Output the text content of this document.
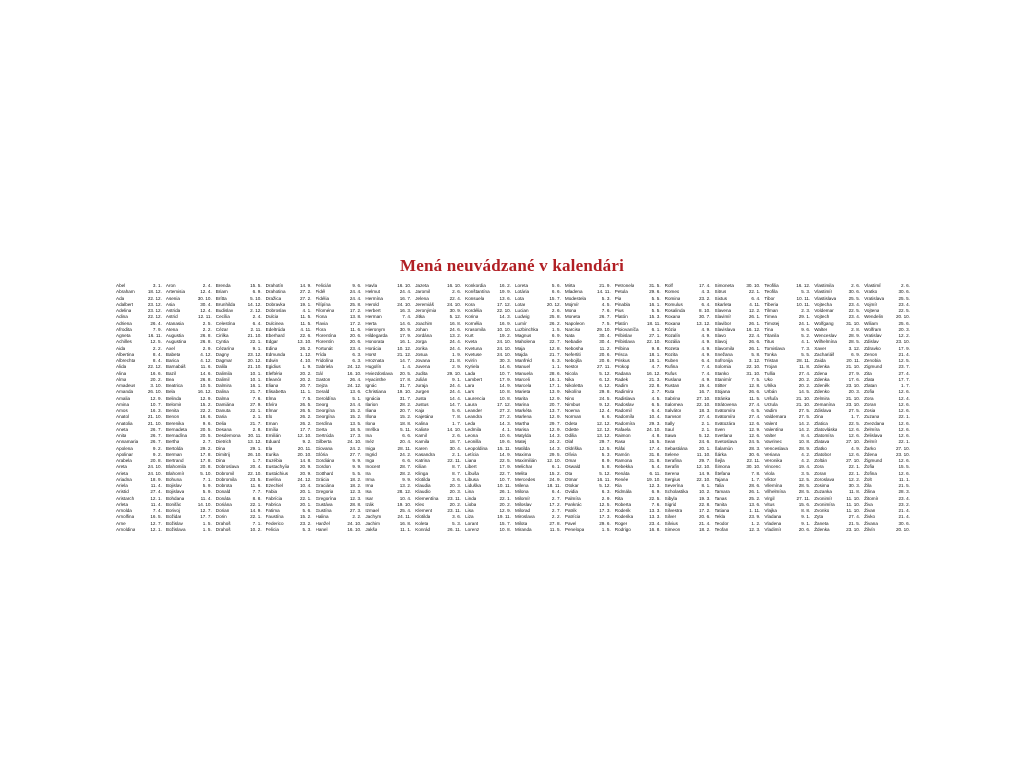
Mená neuvádzané v kalendári
Abel	3. 1.
Abraham	18. 12.
Ada	22. 12.
Adalbert	23. 12.
Adelina	23. 12.
Adina	22. 12.
Adriena	26. 4.
Afrodita	7. 9.
Agneta	16. 11.
Achilles	12. 5.
Aida	2. 2.
Albertina	8. 4.
Albrechta	8. 4.
Alida	22. 12.
Alina	16. 6.
Alma	20. 2.
Amadeus	3. 10.
Amanda	26. 10.
Amalia	12. 9.
Amina	10. 7.
Amos	16. 3.
Anatol	21. 10.
Anatolia	21. 10.
Aneta	26. 7.
Anita	26. 7.
Annamaria	26. 7.
Apolena	9. 2.
Apolinar	9. 2.
Arabela	20. 8.
Areta	24. 10.
Arieta	24. 10.
Ariadna	18. 9.
Ariela	11. 4.
Aristid	27. 4.
Aristarch	12. 1.
Arleta	11. 4.
Arnolda	7. 4.
Arnolfina	16. 5.
Arne	12. 7.
Arnoldina	12. 1.
Aron	2. 4.
Artemisia	12. 4.
Asenia	30. 10.
Asia	30. 4.
Astrida	12. 4.
Astrid	12. 11.
Atanasia	2. 5.
Atena	2. 2.
Augustia	26. 8.
Augustina	26. 8.
Axel	2. 9.
Babeta	4. 12.
Barica	4. 12.
Barnabáš	11. 6.
Bazil	14. 6.
Bea	26. 8.
Beatrica	10. 5.
Bela	16. 12.
Belinda	12. 9.
Belomir	15. 2.
Benita	22. 2.
Benon	16. 6.
Berenika	9. 6.
Bernadeta	20. 5.
Bernadína	20. 5.
Bertha	2. 7.
Bertolda	29. 2.
Berman	17. 8.
Bertrand	17. 8.
Blahomila	20. 8.
Blahomír	5. 10.
Bohuna	7. 1.
Bojislav	5. 9.
Bojislava	5. 9.
Bohdana	11. 4.
Bonifác	14. 10.
Borivoj	12. 7.
Božidar	17. 7.
Božislav	1. 5.
Božislava	1. 5.
Brenda	15. 5.
Briam	6. 9.
Brítta	5. 10.
Brunhilda	14. 12.
Budislav	2. 12.
Cecília	2. 4.
Celestína	6. 4.
Cézar	2. 11.
Cirilka	21. 10.
Cyntia	22. 1.
Cézarína	9. 1.
Dagny	23. 12.
Dagmar	20. 12.
Dalila	21. 10.
Dalimila	10. 1.
Dalimil	10. 1.
Dalmira	16. 1.
Dalina	21. 7.
Dalma	7. 6.
Damiána	27. 9.
Danuta	22. 1.
Daria	2. 1.
Delia	21. 7.
Desana	2. 8.
Desdemona 30. 11.
Dietrich	13. 12.
Dina	29. 1.
Dimitrij	26. 10.
Dina	1. 7.
Dobroslava 20. 4.
Dobromil	22. 10.
Dobromila	23. 5.
Dobrota	11. 6.
Donald	7. 7.
Donáta	8. 8.
Doriána	22. 1.
Dorian	14. 9.
Dorin	22. 1.
Drahoš	7. 1.
Drahoš	10. 2.
Drahotín	14. 9.
Drahotina	27. 2.
Dražica	27. 2.
Dobravka	19. 1.
Dobroslav	4. 1.
Dulcia	11. 5.
Dulcinea	11. 5.
Edeltrúda	4. 11.
Eberhard	22. 6.
Edgar	13. 10.
Edina	26. 2.
Edmunda	1. 12.
Edwin	4. 10.
Egidius	1. 9.
Eleftéria	20. 2.
Eleanór	20. 2.
Eliana	20. 7.
Elisabetta	11. 1.
Elma	7. 5.
Elvíra	26. 5.
Elmar	26. 5.
Elo	26. 2.
Eman	26. 2.
Emília	17. 7.
Emilián	12. 10.
Eduard	9. 2.
Ela	20. 11.
Eurika	20. 10.
Euzébia	14. 8.
Eustachyíia 20. 9.
Eustáchius	20. 9.
Evelína	24. 12.
Ezechiel	10. 4.
Fabia	20. 1.
Fabrícia	22. 1.
Fabrica	20. 1.
Fatima	5. 6.
Faustína	15. 2.
Federico	23. 2.
Felicia	5. 3.
Felicián	9. 6.
Fidél	24. 4.
Fidélia	24. 4.
Filípína	25. 8.
Filoména	17. 2.
Fiona	13. 8.
Flavia	17. 2.
Flora	11. 6.
Florentína	20. 6.
Florentín	20. 6.
Fortunát	23. 4.
Frída	6. 3.
Fridolína	6. 3.
Gabriela	24. 12.
Gál	16. 10.
Gaston	26. 4.
Gejza	24. 12.
Gerald	13. 6.
Geroldína	5. 1.
Georg	24. 4.
Georgína	15. 2.
Georgína	15. 2.
Gerdína	13. 5.
Gerta	18. 5.
Gertrúda	17. 3.
Gilberta	24. 10.
Giovana	24. 2.
Glória	27. 7.
Gordiána	9. 9.
Gordon	9. 9.
Gotthard	5. 5.
Grácia	18. 2.
Graciána	18. 2.
Gregoria	12. 3.
Gregorína	12. 3.
Gustáva	28. 8.
Gustína	27. 3.
Halina	2. 2.
Hanžel	24. 10.
Hanel	16. 10.
Havla	16. 10.
Helmut	24. 4.
Hermína	16. 7.
Herold	24. 10.
Herbert	16. 3.
Herman	7. 4.
Herta	14. 6.
Hieronym	30. 9.
Hildegarda	17. 9.
Honorata	16. 1.
Horácia	10. 12.
Horst	21. 12.
Hroznata	14. 7.
Hugolín	1. 4.
Hviezdoslava 20. 5.
Hyacinthe	17. 8.
Ignác	31. 7.
Christiana 19. 10.
Ignácia	31. 7.
Ilarion	28. 2.
Iliana	20. 7.
Illona	15. 2.
Ilona	18. 8.
Imrška	5. 11.
Ina	6. 6.
Inéz	20. 4.
Iniga	28. 11.
Ingrid	24. 2.
Inga	6. 6.
Inocent	28. 7.
Ira	28. 2.
Irma	9. 9.
Irna	13. 2.
Isa	28. 12.
Isar	10. 4.
Izák	19. 10.
Izmael	25. 4.
Jachym	24. 11.
Jachim	16. 8.
Jakša	11. 1.
Jazeta	16. 10.
Jaromil	2. 6.
Jelena	22. 4.
Jeremiáš	24. 10.
Jeronýmia	30. 9.
Jitka	5. 12.
Joachim	16. 8.
Johan	24. 6.
Jordána	13. 2.
Jorga	24. 4.
Jorika	24. 4.
Josua	1. 9.
Jovana	21. 8.
Juvena	2. 9.
Judita	29. 10.
Julián	9. 1.
Juraja	24. 4.
Jurgen	24. 4.
Justa	14. 4.
Justus	14. 7.
Kaja	5. 6.
Kajetána	7. 8.
Kalina	1. 7.
Kalixte	14. 10.
Kamil	2. 6.
Kamila	18. 7.
Karen	30. 4.
Kasandra	2. 1.
Katrina	22. 11.
Kilian	8. 7.
Klinga	8. 7.
Klotilda	3. 6.
Klaudia	20. 3.
Klaudio	20. 3.
Klementína 23. 11.
Kleo	20. 2.
Klement	23. 11.
Klotilda	3. 6.
Koleta	5. 3.
Konrád	26. 11.
Konkordia	16. 2.
Konštantína 19. 9.
Konsuela	13. 6.
Kora	17. 12.
Kordélia	22. 10.
Korina	14. 3.
Kornélia	16. 9.
Krasomila 10. 10.
Kurt	19. 2.
Kveta	24. 10.
Kvetuna	24. 10.
Kvetuse	24. 10.
Kvirín	30. 3.
Kyriela	14. 6.
Lada	10. 7.
Lambert	17. 9.
Lara	14. 9.
Lars	10. 8.
Laurencia	10. 8.
Laura	17. 12.
Leander	27. 2.
Leandra	27. 2.
Leda	14. 3.
Ledmila	4. 1.
Leona	10. 6.
Leonilla	19. 6.
Leopoldina 15. 11.
Letícia	14. 9.
Liana	22. 5.
Libert	17. 9.
Líbuša	22. 7.
Libusa	10. 7.
Liduška	10. 11.
Lina	26. 1.
Linda	22. 1.
Lioba	20. 2.
Lisa	12. 9.
Liza	19. 11.
Lorant	15. 7.
Lorenz	10. 8.
Loreta	5. 6.
Lotária	6. 6.
Lota	15. 7.
Lotar	20. 12.
Lucian	2. 6.
Ludwig	25. 8.
Lumír	26. 2.
Luzbinchka	1. 5.
Magnus	6. 9.
Maholena	22. 7.
Maja	12. 8.
Majda	21. 7.
Manfréd	6. 3.
Manuel	1. 1.
Manuela	28. 6.
Marceli	16. 1.
Marcela	17. 1.
Marieta	13. 9.
Marita	12. 9.
Marina	20. 7.
Markéta	13. 7.
Marlena	12. 9.
Martha	29. 7.
Marisa	12. 9.
Matylda	14. 3.
Matej	24. 2.
Matilda	14. 3.
Maxima	29. 5.
Maximilián 12. 10.
Melichar	6. 1.
Melita	15. 2.
Mercedes	24. 9.
Milena	18. 11.
Milona	6. 4.
Milomír	2. 7.
Miloslav	17. 2.
Milorad	2. 7.
Miroslava	2. 2.
Milota	27. 8.
Miranda	11. 5.
Mirta	21. 9.
Mladena	14. 11.
Modestela	5. 3.
Mojmír	4. 5.
Mona	7. 6.
Moneta	26. 7.
Napoleon	7. 5.
Narcisa	29. 10.
Nata	30. 4.
Nebadie	30. 4.
Nebosha	11. 2.
Nefertiti	20. 6.
Nebojša	20. 6.
Nestor	27. 11.
Nicola	5. 12.
Nika	6. 12.
Nikoletta	6. 12.
Nikolína	29. 8.
Nino	24. 5.
Nimbus	9. 12.
Noema	12. 4.
Norman	6. 6.
Odeta	12. 12.
Odette	12. 12.
Odilia	13. 12.
Olaf	29. 7.
Oldriška	12. 5.
Olívia	5. 3.
Omar	8. 9.
Oswald	5. 8.
Ota	5. 12.
Otmar	16. 11.
Otokar	5. 12.
Ovidia	6. 3.
Palmíra	2. 9.
Pankrác	12. 5.
Patrik	17. 3.
Patrícia	17. 3.
Pavel	29. 6.
Penelopa	1. 5.
Petronela	31. 5.
Petula	29. 6.
Pia	5. 5.
Pinabla	16. 1.
Pius	5. 5.
Platón	15. 3.
Platón	18. 11.
Ploiovaníča	6. 1.
Pribislav	27. 1.
Pribislava	22. 10.
Pribina	9. 8.
Prisca	18. 1.
Priskus	18. 1.
Prokop	4. 7.
Radana	16. 12.
Radek	21. 3.
Radim	22. 8.
Radimíra	2. 7.
Radislava	4. 5.
Radoslav	6. 5.
Radomil	6. 4.
Radomíla	10. 4.
Radomíra	29. 3.
Rafaela	24. 10.
Raimon	4. 8.
Rasa	16. 5.
Ráfal	17. 4.
Ramón	31. 8.
Ramona	31. 8.
Rebekka	5. 4.
Renáta	6. 11.
Renée	19. 10.
Ria	12. 3.
Ridmála	6. 9.
Rita	22. 5.
Roberta	7. 6.
Roderik	13. 3.
Roderika	13. 3.
Roger	23. 4.
Rodrigo	16. 8.
Rolf	17. 4.
Romeo	4. 3.
Romina	23. 2.
Romulus	6. 4.
Rosalinda	8. 10.
Roxana	30. 7.
Roxana	13. 12.
Rózia	4. 9.
Rozalín	4. 9.
Rozália	4. 9.
Rozeta	4. 9.
Rozita	4. 9.
Ruben	6. 4.
Rufina	7. 4.
Rufus	7. 4.
Ruslana	4. 9.
Rustan	19. 4.
Ruta	16. 7.
Sabrina	27. 10.
Salomea	22. 10.
Salvátor	18. 3.
Samson	27. 4.
Sally	2. 1.
Saul	2. 1.
Sawa	5. 12.
Sean	24. 6.
Sebastiána 20. 1.
Selene	11. 10.
Serafina	29. 7.
Serafin	12. 10.
Serena	14. 9.
Sergius	22. 10.
Severína	8. 1.
Scholastika 10. 2.
Sibyla	19. 3.
Sigrid	22. 8.
Silvestra	17. 2.
Silver	20. 6.
Silvius	21. 4.
Simeon	18. 2.
Simoneta	30. 10.
Sitrus	22. 1.
Sixtus	6. 4.
Skarleta	4. 11.
Slavena	12. 2.
Slavimír	26. 1.
Slavibor	26. 1.
Slavislava 16. 12.
Slavo	22. 4.
Slavoj	26. 6.
Slavomila	26. 1.
Snežana	5. 8.
Sofronija	3. 12.
Solomia	22. 10.
Stanko	31. 10.
Stanimír	7. 5.
Stitter	12. 8.
Stojana	26. 6.
Stránka	11. 5.
Strátovena	27. 4.
Svätomíra	6. 5.
Svätomíra	27. 4.
Svätozára	12. 6.
Sven	12. 9.
Svetlana	12. 6.
Svetoslava	24. 5.
Šalamún	28. 3.
Šárka	30. 6.
Šejla	22. 11.
Šimona	30. 10.
Štefana	7. 8.
Tajana	1. 7.
Talia	28. 6.
Tamara	26. 1.
Tanas	25. 2.
Tanita	13. 6.
Tatiana	1. 11.
Tekla	23. 9.
Teodor	1. 2.
Teofan	12. 3.
Teofilia	16. 12.
Teofila	5. 3.
Tibor	10. 11.
Tiberia	10. 11.
Tilman	2. 3.
Timea	29. 1.
Timotej	24. 1.
Tina	9. 6.
Titanila	5. 2.
Titus	4. 1.
Tomislava	7. 3.
Tonka	5. 5.
Tristan	28. 11.
Trojan	11. 8.
Tullia	27. 4.
Uko	20. 2.
Ulrika	20. 2.
Urbán	14. 5.
Uršuľa	21. 10.
Urzula	21. 10.
Vadim	27. 5.
Valdemara	27. 5.
Valent	14. 2.
Valentína	14. 2.
Valter	8. 4.
Vavrinec	10. 8.
Venceslava 28. 9.
Veriana	4. 2.
Veronika	4. 2.
Vincenc	19. 4.
Viola	3. 5.
Viktor	12. 5.
Vilemína	28. 5.
Vilhelmína	28. 5.
Virgil	27. 11.
Vitus	15. 6.
Vlajka	8. 8.
Vladana	9. 1.
Vladena	9. 1.
Vladimír	20. 6.
Vlastimila	2. 6.
Vlastimír	30. 6.
Vlastislava	25. 5.
Vojtecha	23. 4.
Voldemar	22. 5.
Vojtech	23. 4.
Wolfgang	31. 10.
Walter	2. 8.
Wenceslav	28. 9.
Wilhelmína	28. 5.
Xaver	3. 12.
Zachariáš	6. 9.
Zaida	20. 11.
Zdenka	21. 10.
Zdena	27. 9.
Zdenka	17. 6.
Zdeněk	23. 10.
Zdenko	20. 3.
Zelmira	21. 10.
Zemanína 23. 10.
Zdislava	27. 5.
Zina	1. 7.
Zlatica	22. 5.
Zlatovláska 12. 6.
Zlatomíra	12. 6.
Zlatava	27. 10.
Zlatko	4. 9.
Zlatobor	12. 6.
Zoltán	27. 10.
Zora	22. 1.
Zoran	22. 1.
Zoroslava	12. 2.
Zosima	30. 3.
Zuzanka	11. 8.
Zvonimír	11. 10.
Zvonimíra	11. 10.
Zvonko	11. 10.
Zyta	27. 4.
Žaneta	21. 5.
Ždenka	23. 10.
Vlastimíl	2. 6.
Vratko	30. 6.
Vratislava	25. 5.
Vojmír	23. 4.
Vojtena	22. 5.
Wendelin	20. 10.
Wiliam	25. 6.
Wolfram	20. 3.
Vratislav	12. 2.
Zdislav	23. 10.
Zdravko	17. 9.
Zenon	21. 4.
Zenobia	12. 5.
Zigmund	23. 7.
Zita	27. 4.
Zlata	17. 7.
Zlatan	1. 7.
Zofia	12. 6.
Zora	12. 4.
Zoran	12. 6.
Zosia	12. 6.
Zuzana	22. 1.
Zvezdana	12. 6.
Želmíra	12. 6.
Želislava	12. 6.
Želmír	22. 1.
Žarko	27. 10.
Ždena	23. 10.
Žigmund	12. 6.
Žofia	15. 5.
Žofina	12. 6.
Žolt	11. 1.
Žila	21. 5.
Žilina	28. 3.
Žitomír	23. 4.
Živa	23. 2.
Živan	21. 4.
Živko	21. 4.
Živana	30. 6.
Žilvín	20. 10.
